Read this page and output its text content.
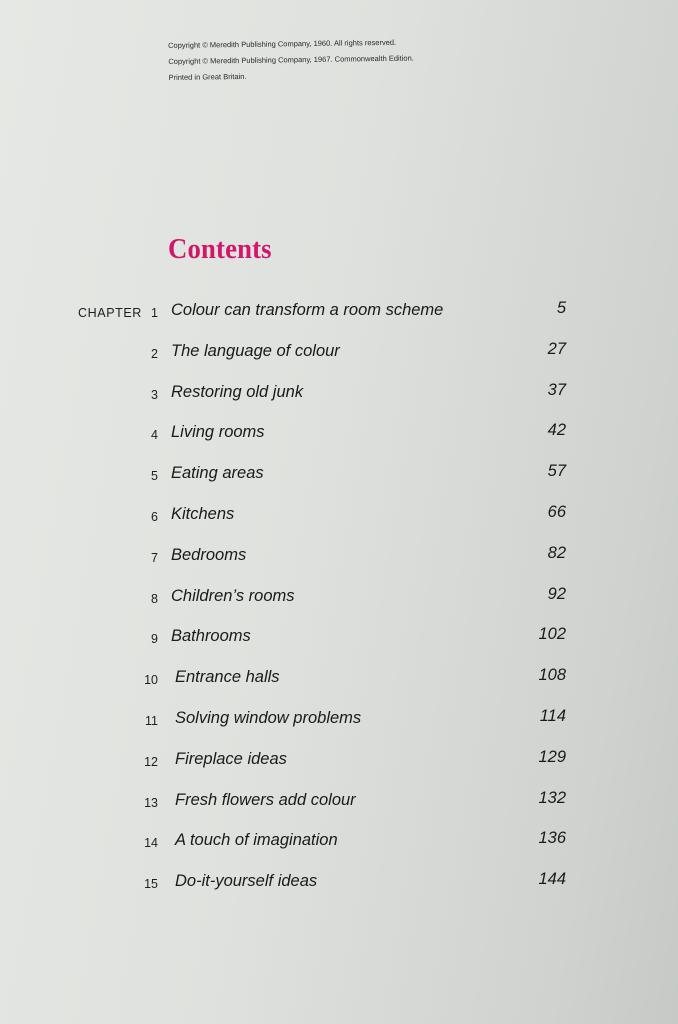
Copyright © Meredith Publishing Company, 1960. All rights reserved.
Copyright © Meredith Publishing Company, 1967. Commonwealth Edition.
Printed in Great Britain.
Contents
CHAPTER 1 Colour can transform a room scheme	5
2 The language of colour	27
3 Restoring old junk	37
4 Living rooms	42
5 Eating areas	57
6 Kitchens	66
7 Bedrooms	82
8 Children’s rooms	92
9 Bathrooms	102
10 Entrance halls	108
11 Solving window problems	114
12 Fireplace ideas	129
13 Fresh flowers add colour	132
14 A touch of imagination	136
15 Do-it-yourself ideas	144
